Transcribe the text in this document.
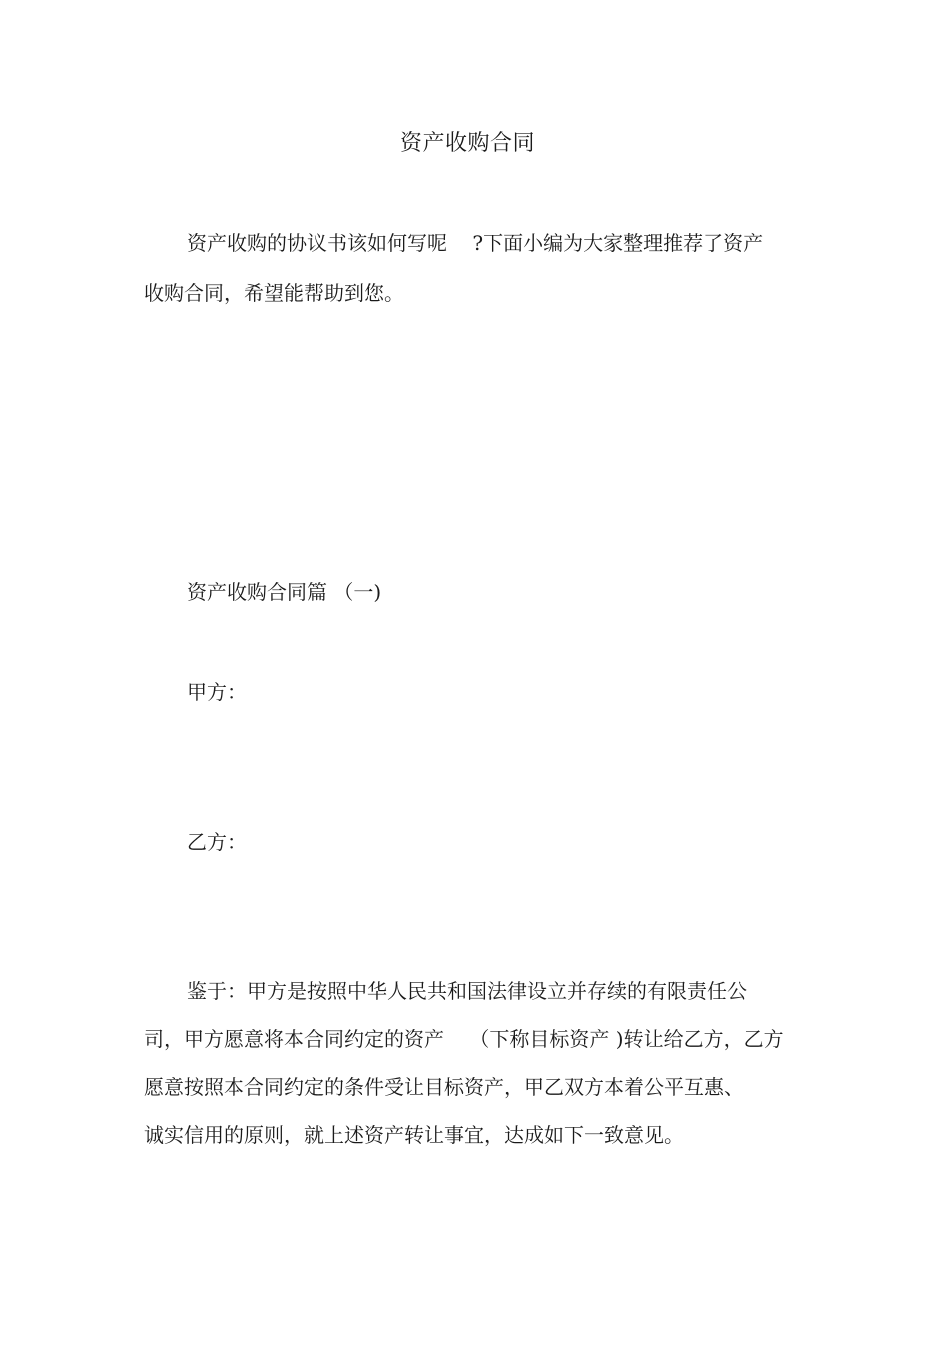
资产收购合同
资产收购的协议书该如何写呢    ?下面小编为大家整理推荐了资产
收购合同，希望能帮助到您。
资产收购合同篇 （一)
甲方：
乙方：
鉴于：甲方是按照中华人民共和国法律设立并存续的有限责任公
司，甲方愿意将本合同约定的资产    （下称目标资产 )转让给乙方，乙方
愿意按照本合同约定的条件受让目标资产，甲乙双方本着公平互惠、
诚实信用的原则，就上述资产转让事宜，达成如下一致意见。
